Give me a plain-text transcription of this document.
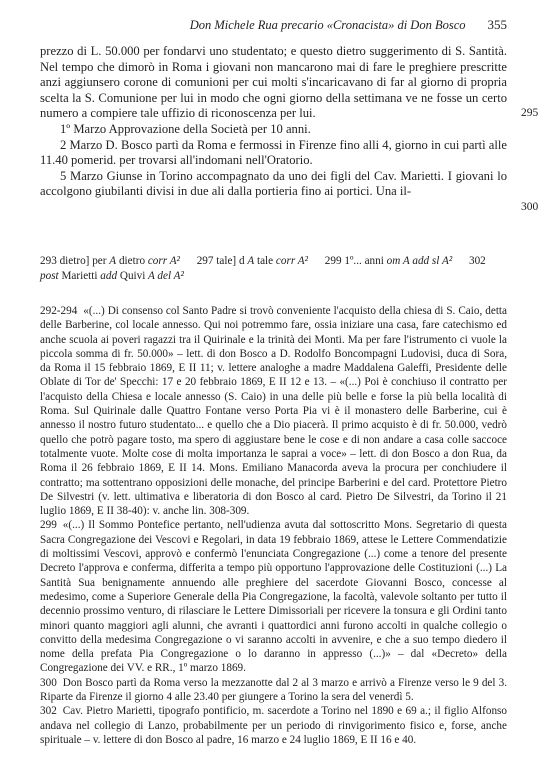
Don Michele Rua precario «Cronacista» di Don Bosco 355

prezzo di L. 50.000 per fondarvi uno studentato; e questo dietro suggerimento di S. Santità. Nel tempo che dimorò in Roma i giovani non mancarono mai di fare le preghiere prescritte anzi aggiunsero corone di comunioni per cui molti s'incaricavano di far al giorno di propria scelta la S. Comunione per lui in modo che ogni giorno della settimana ve ne fosse un certo numero a compiere tale uffizio di riconoscenza per lui.

1º Marzo Approvazione della Società per 10 anni.

2 Marzo D. Bosco partì da Roma e fermossi in Firenze fino alli 4, giorno in cui partì alle 11.40 pomerid. per trovarsi all'indomani nell'Oratorio.

5 Marzo Giunse in Torino accompagnato da uno dei figli del Cav. Marietti. I giovani lo accolgono giubilanti divisi in due ali dalla portieria fino ai portici. Una il-

295
300
293 dietro] per A dietro corr A² 297 tale] d A tale corr A² 299 1º... anni om A add sl A² 302 post Marietti add Quivi A del A²

292-294 «(...) Di consenso col Santo Padre si trovò conveniente l'acquisto della chiesa di S. Caio, detta delle Barberine, col locale annesso. Qui noi potremmo fare, ossia iniziare una casa, fare catechismo ed anche scuola ai poveri ragazzi tra il Quirinale e la trinità dei Monti. Ma per fare l'istrumento ci vuole la piccola somma di fr. 50.000» – lett. di don Bosco a D. Rodolfo Boncompagni Ludovisi, duca di Sora, da Roma il 15 febbraio 1869, E II 11; v. lettere analoghe a madre Maddalena Galeffi, Presidente delle Oblate di Tor de' Specchi: 17 e 20 febbraio 1869, E II 12 e 13. – «(...) Poi è conchiuso il contratto per l'acquisto della Chiesa e locale annesso (S. Caio) in una delle più belle e forse la più bella località di Roma. Sul Quirinale dalle Quattro Fontane verso Porta Pia vi è il monastero delle Barberine, cui è annesso il nostro futuro studentato... e quello che a Dio piacerà. Il primo acquisto è di fr. 50.000, vedrò quello che potrò pagare tosto, ma spero di aggiustare bene le cose e di non andare a casa colle saccoce totalmente vuote. Molte cose di molta importanza le saprai a voce» – lett. di don Bosco a don Rua, da Roma il 26 febbraio 1869, E II 14. Mons. Emiliano Manacorda aveva la procura per conchiudere il contratto; ma sottentrano opposizioni delle monache, del principe Barberini e del card. Protettore Pietro De Silvestri (v. lett. ultimativa e liberatoria di don Bosco al card. Pietro De Silvestri, da Torino il 21 luglio 1869, E II 38-40): v. anche lin. 308-309.

299 «(...) Il Sommo Pontefice pertanto, nell'udienza avuta dal sottoscritto Mons. Segretario di questa Sacra Congregazione dei Vescovi e Regolari, in data 19 febbraio 1869, attese le Lettere Commendatizie di moltissimi Vescovi, approvò e confermò l'enunciata Congregazione (...) come a tenore del presente Decreto l'approva e conferma, differita a tempo più opportuno l'approvazione delle Costituzioni (...) La Santità Sua benignamente annuendo alle preghiere del sacerdote Giovanni Bosco, concesse al medesimo, come a Superiore Generale della Pia Congregazione, la facoltà, valevole soltanto per tutto il decennio prossimo venturo, di rilasciare le Lettere Dimissoriali per ricevere la tonsura e gli Ordini tanto minori quanto maggiori agli alunni, che avranti i quattordici anni furono accolti in qualche collegio o convitto della medesima Congregazione o vi saranno accolti in avvenire, e che a suo tempo diedero il nome della prefata Pia Congregazione o lo daranno in appresso (...)» – dal «Decreto» della Congregazione dei VV. e RR., 1º marzo 1869.

300 Don Bosco partì da Roma verso la mezzanotte dal 2 al 3 marzo e arrivò a Firenze verso le 9 del 3. Riparte da Firenze il giorno 4 alle 23.40 per giungere a Torino la sera del venerdì 5.

302 Cav. Pietro Marietti, tipografo pontificio, m. sacerdote a Torino nel 1890 e 69 a.; il figlio Alfonso andava nel collegio di Lanzo, probabilmente per un periodo di rinvigorimento fisico e, forse, anche spirituale – v. lettere di don Bosco al padre, 16 marzo e 24 luglio 1869, E II 16 e 40.
